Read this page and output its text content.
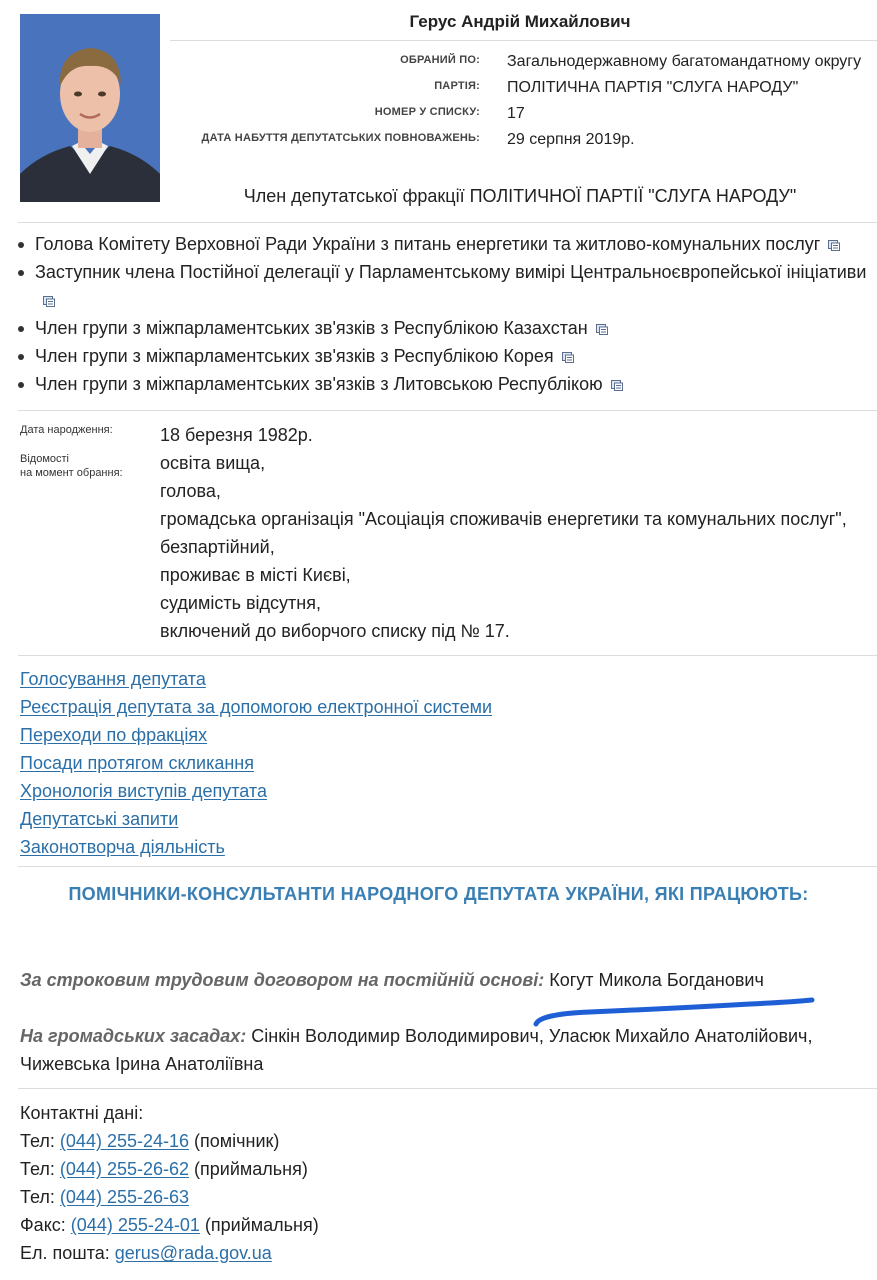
Герус Андрій Михайлович
ОБРАНИЙ ПО: Загальнодержавному багатомандатному округу
ПАРТІЯ: ПОЛІТИЧНА ПАРТІЯ "СЛУГА НАРОДУ"
НОМЕР У СПИСКУ: 17
ДАТА НАБУТТЯ ДЕПУТАТСЬКИХ ПОВНОВАЖЕНЬ: 29 серпня 2019р.
Член депутатської фракції ПОЛІТИЧНОЇ ПАРТІЇ "СЛУГА НАРОДУ"
Голова Комітету Верховної Ради України з питань енергетики та житлово-комунальних послуг
Заступник члена Постійної делегації у Парламентському вимірі Центральноєвропейської ініціативи
Член групи з міжпарламентських зв'язків з Республікою Казахстан
Член групи з міжпарламентських зв'язків з Республікою Корея
Член групи з міжпарламентських зв'язків з Литовською Республікою
Дата народження:
Відомості
на момент обрання:
18 березня 1982р.
освіта вища,
голова,
громадська організація "Асоціація споживачів енергетики та комунальних послуг",
безпартійний,
проживає в місті Києві,
судимість відсутня,
включений до виборчого списку під № 17.
Голосування депутата
Реєстрація депутата за допомогою електронної системи
Переходи по фракціях
Посади протягом скликання
Хронологія виступів депутата
Депутатські запити
Законотворча діяльність
ПОМІЧНИКИ-КОНСУЛЬТАНТИ НАРОДНОГО ДЕПУТАТА УКРАЇНИ, ЯКІ ПРАЦЮЮТЬ:
За строковим трудовим договором на постійній основі: Когут Микола Богданович
На громадських засадах: Сінкін Володимир Володимирович, Уласюк Михайло Анатолійович, Чижевська Ірина Анатоліївна
Контактні дані:
Тел: (044) 255-24-16 (помічник)
Тел: (044) 255-26-62 (приймальня)
Тел: (044) 255-26-63
Факс: (044) 255-24-01 (приймальня)
Ел. пошта: gerus@rada.gov.ua
